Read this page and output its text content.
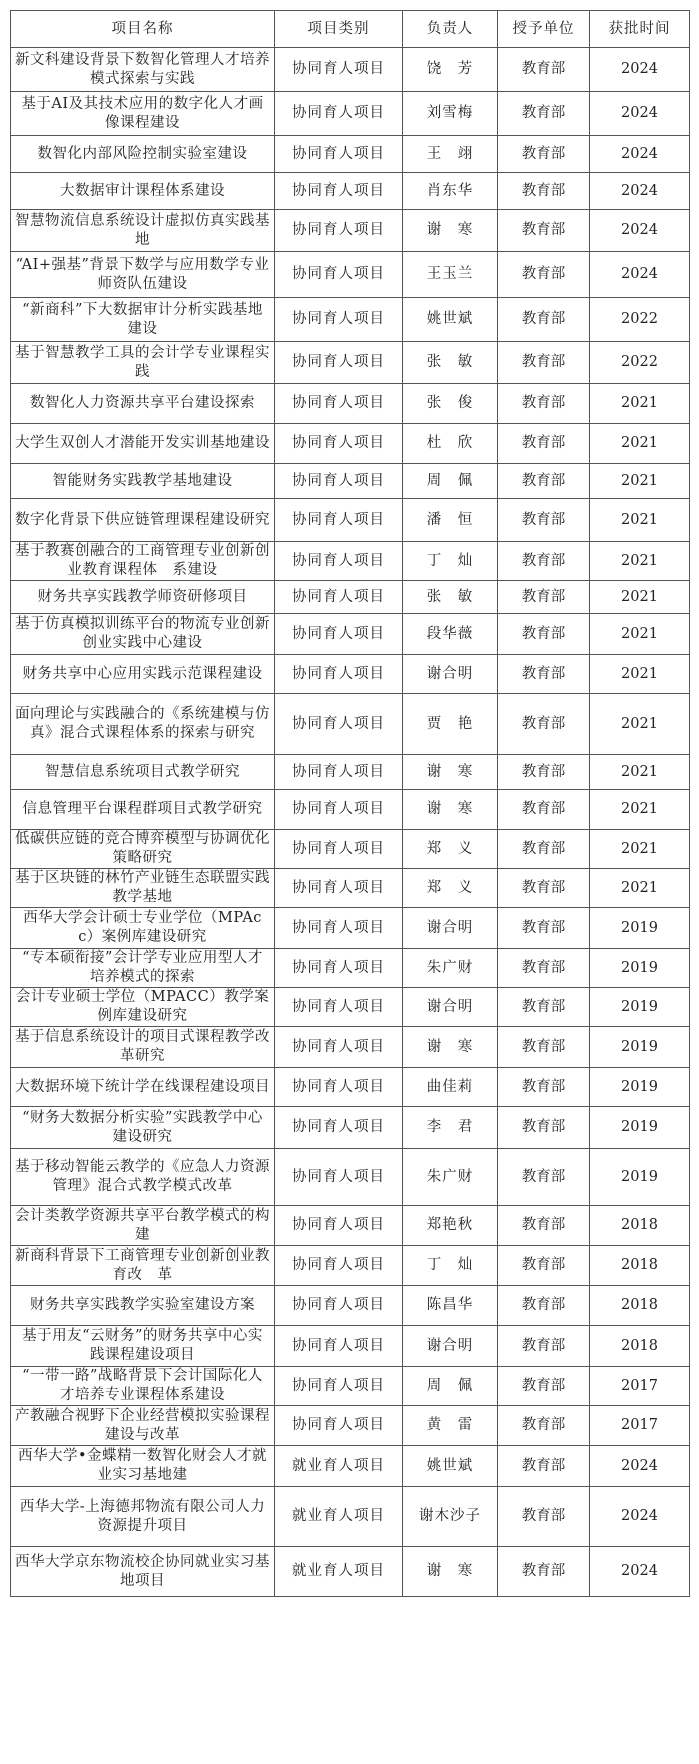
项目名称	项目类别	负责人	授予单位	获批时间
新文科建设背景下数智化管理人才培养模式探索与实践	协同育人项目	饶　芳	教育部	2024
基于AI及其技术应用的数字化人才画像课程建设	协同育人项目	刘雪梅	教育部	2024
数智化内部风险控制实验室建设	协同育人项目	王　翊	教育部	2024
大数据审计课程体系建设	协同育人项目	肖东华	教育部	2024
智慧物流信息系统设计虚拟仿真实践基地	协同育人项目	谢　寒	教育部	2024
“AI+强基”背景下数学与应用数学专业师资队伍建设	协同育人项目	王玉兰	教育部	2024
“新商科”下大数据审计分析实践基地建设	协同育人项目	姚世斌	教育部	2022
基于智慧教学工具的会计学专业课程实践	协同育人项目	张　敏	教育部	2022
数智化人力资源共享平台建设探索	协同育人项目	张　俊	教育部	2021
大学生双创人才潜能开发实训基地建设	协同育人项目	杜　欣	教育部	2021
智能财务实践教学基地建设	协同育人项目	周　佩	教育部	2021
数字化背景下供应链管理课程建设研究	协同育人项目	潘　恒	教育部	2021
基于教赛创融合的工商管理专业创新创业教育课程体　系建设	协同育人项目	丁　灿	教育部	2021
财务共享实践教学师资研修项目	协同育人项目	张　敏	教育部	2021
基于仿真模拟训练平台的物流专业创新创业实践中心建设	协同育人项目	段华薇	教育部	2021
财务共享中心应用实践示范课程建设	协同育人项目	谢合明	教育部	2021
面向理论与实践融合的《系统建模与仿真》混合式课程体系的探索与研究	协同育人项目	贾　艳	教育部	2021
智慧信息系统项目式教学研究	协同育人项目	谢　寒	教育部	2021
信息管理平台课程群项目式教学研究	协同育人项目	谢　寒	教育部	2021
低碳供应链的竞合博弈模型与协调优化策略研究	协同育人项目	郑　义	教育部	2021
基于区块链的林竹产业链生态联盟实践教学基地	协同育人项目	郑　义	教育部	2021
西华大学会计硕士专业学位（MPAcc）案例库建设研究	协同育人项目	谢合明	教育部	2019
“专本硕衔接”会计学专业应用型人才培养模式的探索	协同育人项目	朱广财	教育部	2019
会计专业硕士学位（MPACC）教学案例库建设研究	协同育人项目	谢合明	教育部	2019
基于信息系统设计的项目式课程教学改革研究	协同育人项目	谢　寒	教育部	2019
大数据环境下统计学在线课程建设项目	协同育人项目	曲佳莉	教育部	2019
“财务大数据分析实验”实践教学中心建设研究	协同育人项目	李　君	教育部	2019
基于移动智能云教学的《应急人力资源管理》混合式教学模式改革	协同育人项目	朱广财	教育部	2019
会计类教学资源共享平台教学模式的构建	协同育人项目	郑艳秋	教育部	2018
新商科背景下工商管理专业创新创业教育改　革	协同育人项目	丁　灿	教育部	2018
财务共享实践教学实验室建设方案	协同育人项目	陈昌华	教育部	2018
基于用友“云财务”的财务共享中心实践课程建设项目	协同育人项目	谢合明	教育部	2018
“一带一路”战略背景下会计国际化人才培养专业课程体系建设	协同育人项目	周　佩	教育部	2017
产教融合视野下企业经营模拟实验课程建设与改革	协同育人项目	黄　雷	教育部	2017
西华大学•金蝶精一数智化财会人才就业实习基地建	就业育人项目	姚世斌	教育部	2024
西华大学-上海德邦物流有限公司人力资源提升项目	就业育人项目	谢木沙子	教育部	2024
西华大学京东物流校企协同就业实习基地项目	就业育人项目	谢　寒	教育部	2024
